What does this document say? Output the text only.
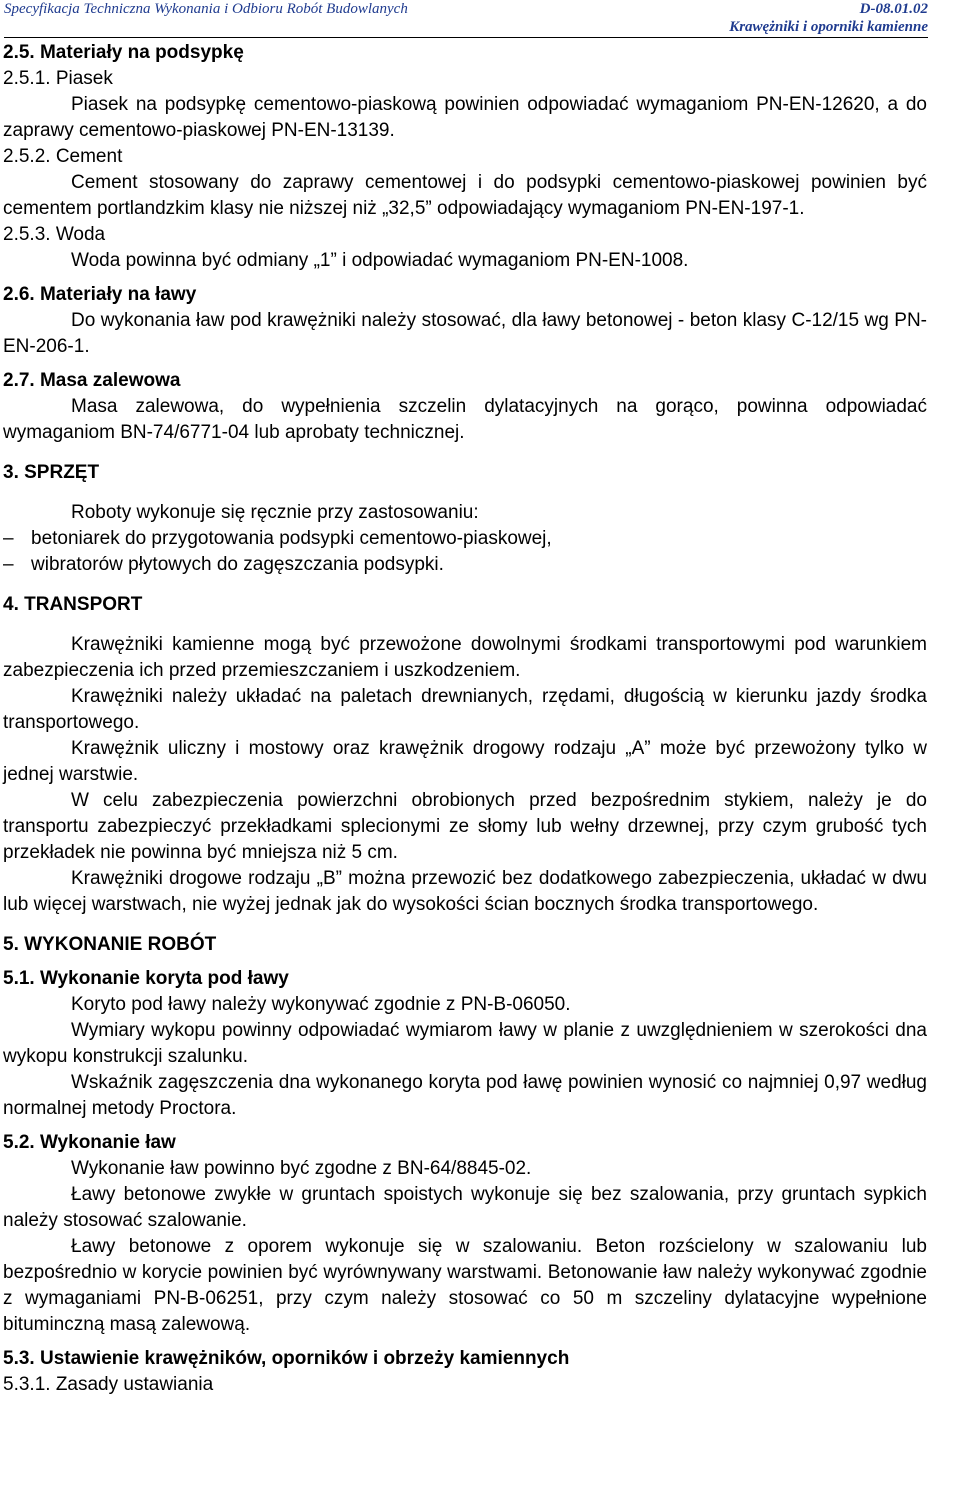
Specyfikacja Techniczna Wykonania i Odbioru Robót Budowlanych	D-08.01.02
Krawężniki i oporniki kamienne

2.5. Materiały na podsypkę

2.5.1. Piasek

Piasek na podsypkę cementowo-piaskową powinien odpowiadać wymaganiom PN-EN-12620, a do zaprawy cementowo-piaskowej PN-EN-13139.

2.5.2. Cement

Cement stosowany do zaprawy cementowej i do podsypki cementowo-piaskowej powinien być cementem portlandzkim klasy nie niższej niż „32,5” odpowiadający wymaganiom PN-EN-197-1.

2.5.3. Woda

Woda powinna być odmiany „1” i odpowiadać wymaganiom PN-EN-1008.

2.6. Materiały na ławy

Do wykonania ław pod krawężniki należy stosować, dla ławy betonowej - beton klasy C-12/15 wg PN-EN-206-1.

2.7. Masa zalewowa

Masa zalewowa, do wypełnienia szczelin dylatacyjnych na gorąco, powinna odpowiadać wymaganiom BN-74/6771-04 lub aprobaty technicznej.

3. SPRZĘT

Roboty wykonuje się ręcznie przy zastosowaniu:

– betoniarek do przygotowania podsypki cementowo-piaskowej,

– wibratorów płytowych do zagęszczania podsypki.

4. TRANSPORT

Krawężniki kamienne mogą być przewożone dowolnymi środkami transportowymi pod warunkiem zabezpieczenia ich przed przemieszczaniem i uszkodzeniem.

Krawężniki należy układać na paletach drewnianych, rzędami, długością w kierunku jazdy środka transportowego.

Krawężnik uliczny i mostowy oraz krawężnik drogowy rodzaju „A” może być przewożony tylko w jednej warstwie.

W celu zabezpieczenia powierzchni obrobionych przed bezpośrednim stykiem, należy je do transportu zabezpieczyć przekładkami splecionymi ze słomy lub wełny drzewnej, przy czym grubość tych przekładek nie powinna być mniejsza niż 5 cm.

Krawężniki drogowe rodzaju „B” można przewozić bez dodatkowego zabezpieczenia, układać w dwu lub więcej warstwach, nie wyżej jednak jak do wysokości ścian bocznych środka transportowego.

5. WYKONANIE ROBÓT

5.1. Wykonanie koryta pod ławy

Koryto pod ławy należy wykonywać zgodnie z PN-B-06050.

Wymiary wykopu powinny odpowiadać wymiarom ławy w planie z uwzględnieniem w szerokości dna wykopu konstrukcji szalunku.

Wskaźnik zagęszczenia dna wykonanego koryta pod ławę powinien wynosić co najmniej 0,97 według normalnej metody Proctora.

5.2. Wykonanie ław

Wykonanie ław powinno być zgodne z BN-64/8845-02.

Ławy betonowe zwykłe w gruntach spoistych wykonuje się bez szalowania, przy gruntach sypkich należy stosować szalowanie.

Ławy betonowe z oporem wykonuje się w szalowaniu. Beton rozścielony w szalowaniu lub bezpośrednio w korycie powinien być wyrównywany warstwami. Betonowanie ław należy wykonywać zgodnie z wymaganiami PN-B-06251, przy czym należy stosować co 50 m szczeliny dylatacyjne wypełnione bituminczną masą zalewową.

5.3. Ustawienie krawężników, oporników i obrzeży kamiennych

5.3.1. Zasady ustawiania
